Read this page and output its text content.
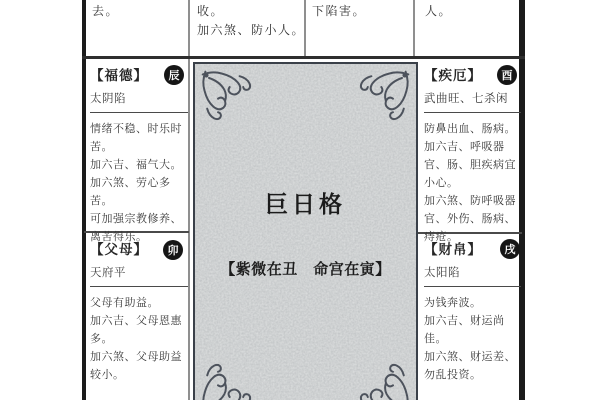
去。	收。
加六煞、防小人。
下陷害。	人。
【福德】
太阴陷
情绪不稳、时乐时苦。
加六吉、福气大。
加六煞、劳心多苦。
可加强宗教修养、离苦得乐。
【疾厄】
武曲旺、七杀闲
防鼻出血、肠病。
加六吉、呼吸器官、肠、胆疾病宜小心。
加六煞、防呼吸器官、外伤、肠病、痔疮。
【父母】
天府平
父母有助益。
加六吉、父母恩惠多。
加六煞、父母助益较小。
【财帛】
太阳陷
为钱奔波。
加六吉、财运尚佳。
加六煞、财运差、勿乱投资。
辰	酉
卯	戌
巨日格
【紫微在丑　命宫在寅】
